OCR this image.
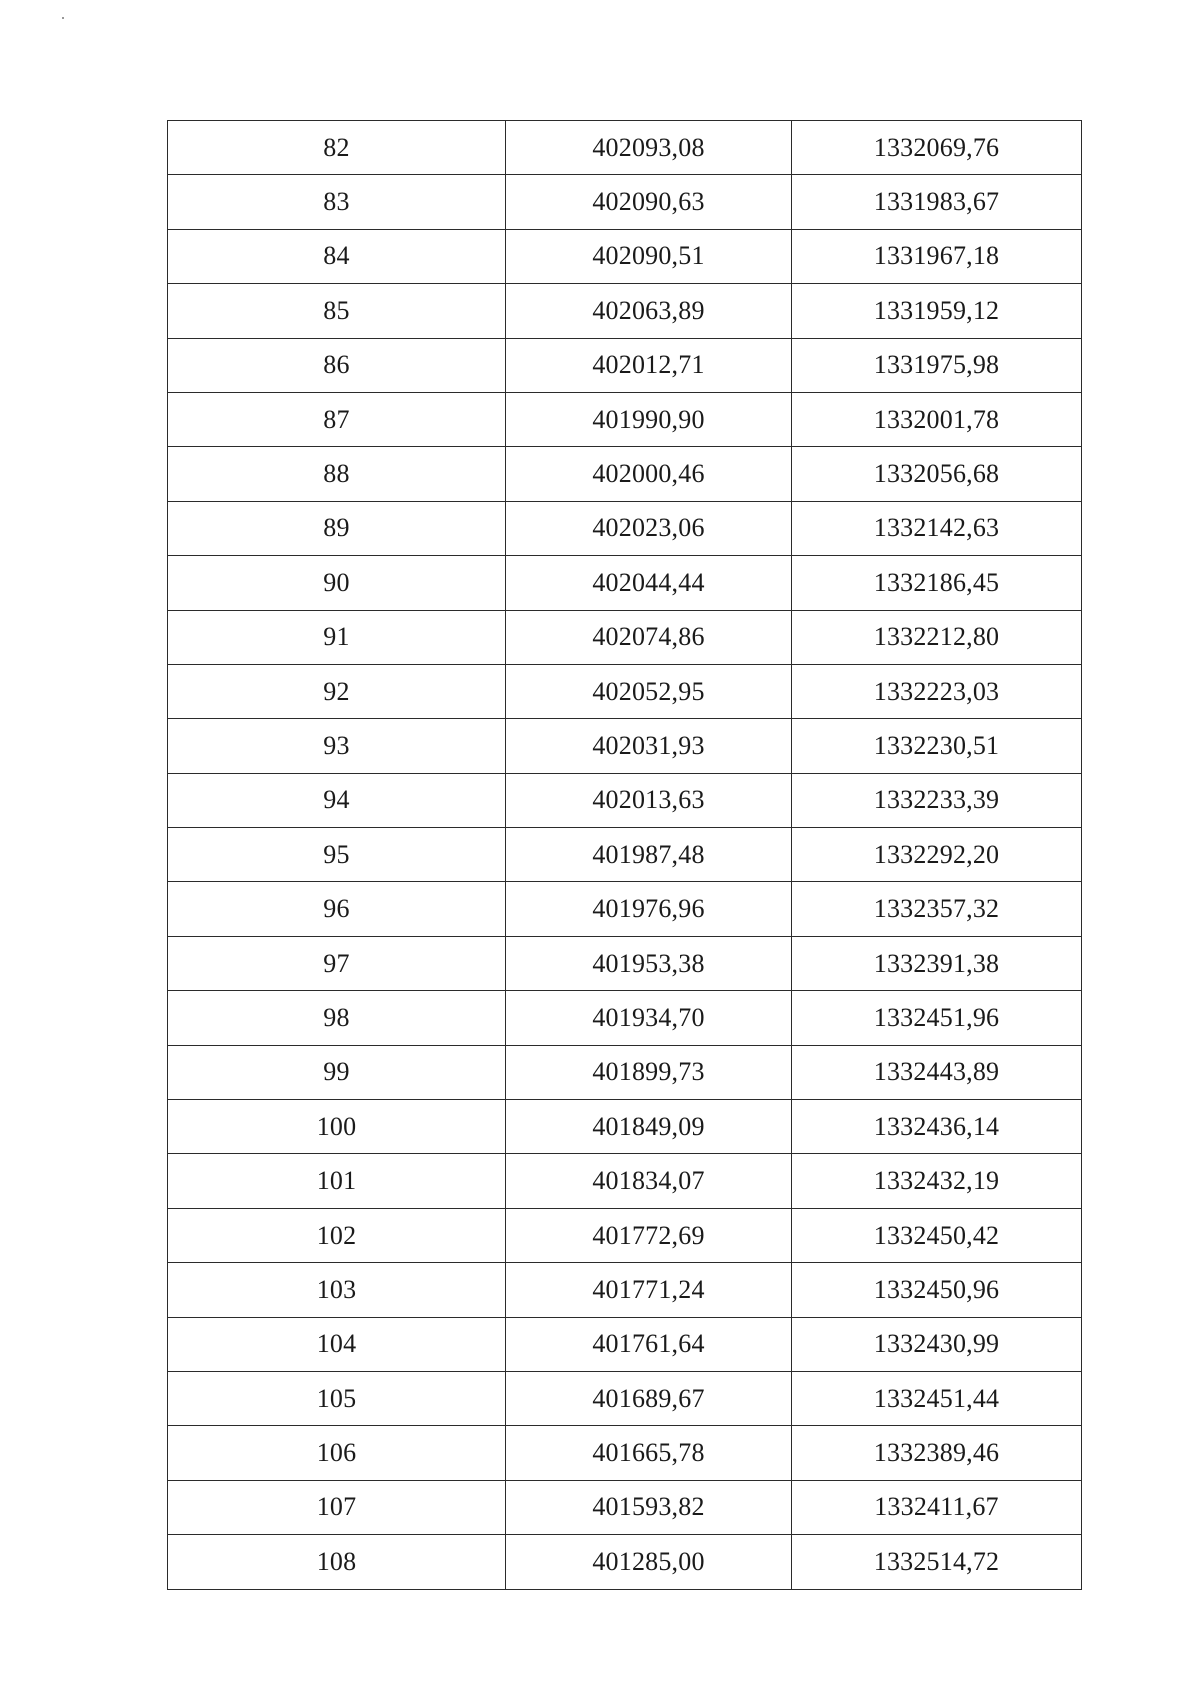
82	402093,08	1332069,76
83	402090,63	1331983,67
84	402090,51	1331967,18
85	402063,89	1331959,12
86	402012,71	1331975,98
87	401990,90	1332001,78
88	402000,46	1332056,68
89	402023,06	1332142,63
90	402044,44	1332186,45
91	402074,86	1332212,80
92	402052,95	1332223,03
93	402031,93	1332230,51
94	402013,63	1332233,39
95	401987,48	1332292,20
96	401976,96	1332357,32
97	401953,38	1332391,38
98	401934,70	1332451,96
99	401899,73	1332443,89
100	401849,09	1332436,14
101	401834,07	1332432,19
102	401772,69	1332450,42
103	401771,24	1332450,96
104	401761,64	1332430,99
105	401689,67	1332451,44
106	401665,78	1332389,46
107	401593,82	1332411,67
108	401285,00	1332514,72
